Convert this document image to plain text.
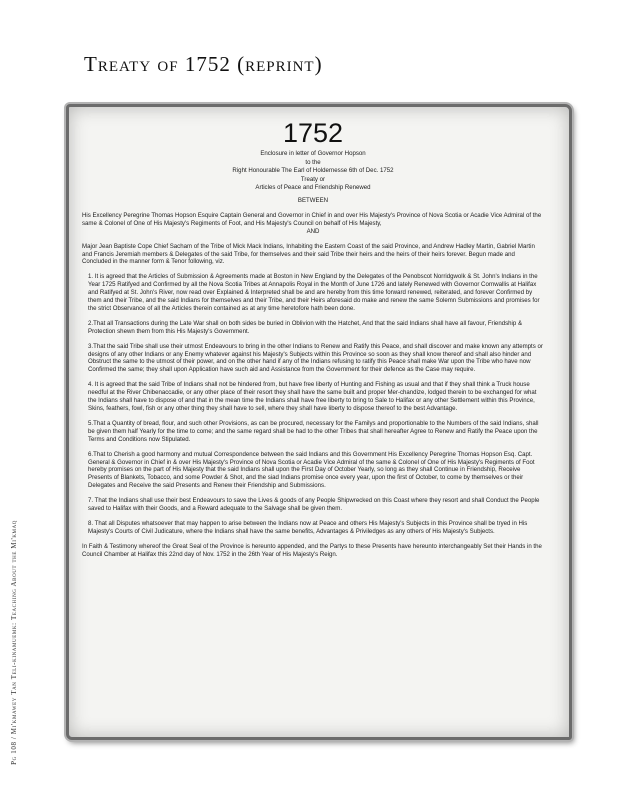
Treaty of 1752 (reprint)
Pg 108 / Mi'kmawey Tan Teli-kinamuemk: Teaching About the Mi'kmaq
1752
Enclosure in letter of Governor Hopson
to the
Right Honourable The Earl of Holdernesse 6th of Dec. 1752
Treaty or
Articles of Peace and Friendship Renewed
BETWEEN

His Excellency Peregrine Thomas Hopson Esquire Captain General and Governor in Chief in and over His Majesty's Province of Nova Scotia or Acadie Vice Admiral of the same & Colonel of One of His Majesty's Regiments of Foot, and His Majesty's Council on behalf of His Majesty,

AND

Major Jean Baptiste Cope Chief Sacham of the Tribe of Mick Mack Indians, Inhabiting the Eastern Coast of the said Province, and Andrew Hadley Martin, Gabriel Martin and Francis Jeremiah members & Delegates of the said Tribe, for themselves and their said Tribe their heirs and the heirs of their heirs forever. Begun made and Concluded in the manner form & Tenor following, viz.

1. It is agreed that the Articles of Submission & Agreements made at Boston in New England by the Delegates of the Penobscot Norridgwolk & St. John's Indians in the Year 1725 Ratifyed and Confirmed by all the Nova Scotia Tribes at Annapolis Royal in the Month of June 1726 and lately Renewed with Governor Cornwallis at Halifax and Ratifyed at St. John's River, now read over Explained & Interpreted shall be and are hereby from this time forward renewed, reiterated, and forever Confirmed by them and their Tribe, and the said Indians for themselves and their Tribe, and their Heirs aforesaid do make and renew the same Solemn Submissions and promises for the strict Observance of all the Articles therein contained as at any time heretofore hath been done.

2.That all Transactions during the Late War shall on both sides be buried in Oblivion with the Hatchet, And that the said Indians shall have all favour, Friendship & Protection shewn them from this His Majesty's Government.

3.That the said Tribe shall use their utmost Endeavours to bring in the other Indians to Renew and Ratify this Peace, and shall discover and make known any attempts or designs of any other Indians or any Enemy whatever against his Majesty's Subjects within this Province so soon as they shall know thereof and shall also hinder and Obstruct the same to the utmost of their power, and on the other hand if any of the Indians refusing to ratify this Peace shall make War upon the Tribe who have now Confirmed the same; they shall upon Application have such aid and Assistance from the Government for their defence as the Case may require.

4. It is agreed that the said Tribe of Indians shall not be hindered from, but have free liberty of Hunting and Fishing as usual and that if they shall think a Truck house needful at the River Chibenaccadie, or any other place of their resort they shall have the same built and proper Mer-chandize, lodged therein to be exchanged for what the Indians shall have to dispose of and that in the mean time the Indians shall have free liberty to bring to Sale to Halifax or any other Settlement within this Province, Skins, feathers, fowl, fish or any other thing they shall have to sell, where they shall have liberty to dispose thereof to the best Advantage.

5.That a Quantity of bread, flour, and such other Provisions, as can be procured, necessary for the Familys and proportionable to the Numbers of the said Indians, shall be given them half Yearly for the time to come; and the same regard shall be had to the other Tribes that shall hereafter Agree to Renew and Ratify the Peace upon the Terms and Conditions now Stipulated.

6.That to Cherish a good harmony and mutual Correspondence between the said Indians and this Government His Excellency Peregrine Thomas Hopson Esq. Capt. General & Governor in Chief in & over His Majesty's Province of Nova Scotia or Acadie Vice Admiral of the same & Colonel of One of His Majesty's Regiments of Foot hereby promises on the part of His Majesty that the said Indians shall upon the First Day of October Yearly, so long as they shall Continue in Friendship, Receive Presents of Blankets, Tobacco, and some Powder & Shot, and the siad Indians promise once every year, upon the first of October, to come by themselves or their Delegates and Receive the said Presents and Renew their Friendship and Submissions.

7. That the Indians shall use their best Endeavours to save the Lives & goods of any People Shipwrecked on this Coast where they resort and shall Conduct the People saved to Halifax with their Goods, and a Reward adequate to the Salvage shall be given them.

8. That all Disputes whatsoever that may happen to arise between the Indians now at Peace and others His Majesty's Subjects in this Province shall be tryed in His Majesty's Courts of Civil Judicature, where the Indians shall have the same benefits, Advantages & Priviledges as any others of His Majesty's Subjects.

In Faith & Testimony whereof the Great Seal of the Province is hereunto appended, and the Partys to these Presents have hereunto interchangeably Set their Hands in the Council Chamber at Halifax this 22nd day of Nov. 1752 in the 26th Year of His Majesty's Reign.
